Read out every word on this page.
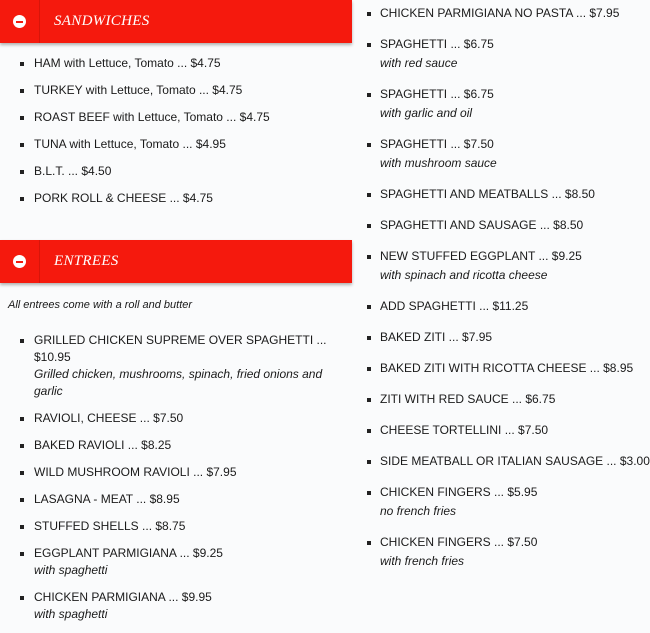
SANDWICHES
HAM with Lettuce, Tomato ... $4.75
TURKEY with Lettuce, Tomato ... $4.75
ROAST BEEF with Lettuce, Tomato ... $4.75
TUNA with Lettuce, Tomato ... $4.95
B.L.T. ... $4.50
PORK ROLL & CHEESE ... $4.75
ENTREES
All entrees come with a roll and butter
GRILLED CHICKEN SUPREME OVER SPAGHETTI ... $10.95
Grilled chicken, mushrooms, spinach, fried onions and garlic
RAVIOLI, CHEESE ... $7.50
BAKED RAVIOLI ... $8.25
WILD MUSHROOM RAVIOLI ... $7.95
LASAGNA - MEAT ... $8.95
STUFFED SHELLS ... $8.75
EGGPLANT PARMIGIANA ... $9.25
with spaghetti
CHICKEN PARMIGIANA ... $9.95
with spaghetti
CHICKEN PARMIGIANA NO PASTA ... $7.95
SPAGHETTI ... $6.75
with red sauce
SPAGHETTI ... $6.75
with garlic and oil
SPAGHETTI ... $7.50
with mushroom sauce
SPAGHETTI AND MEATBALLS ... $8.50
SPAGHETTI AND SAUSAGE ... $8.50
NEW STUFFED EGGPLANT ... $9.25
with spinach and ricotta cheese
ADD SPAGHETTI ... $11.25
BAKED ZITI ... $7.95
BAKED ZITI WITH RICOTTA CHEESE ... $8.95
ZITI WITH RED SAUCE ... $6.75
CHEESE TORTELLINI ... $7.50
SIDE MEATBALL OR ITALIAN SAUSAGE ... $3.00
CHICKEN FINGERS ... $5.95
no french fries
CHICKEN FINGERS ... $7.50
with french fries
